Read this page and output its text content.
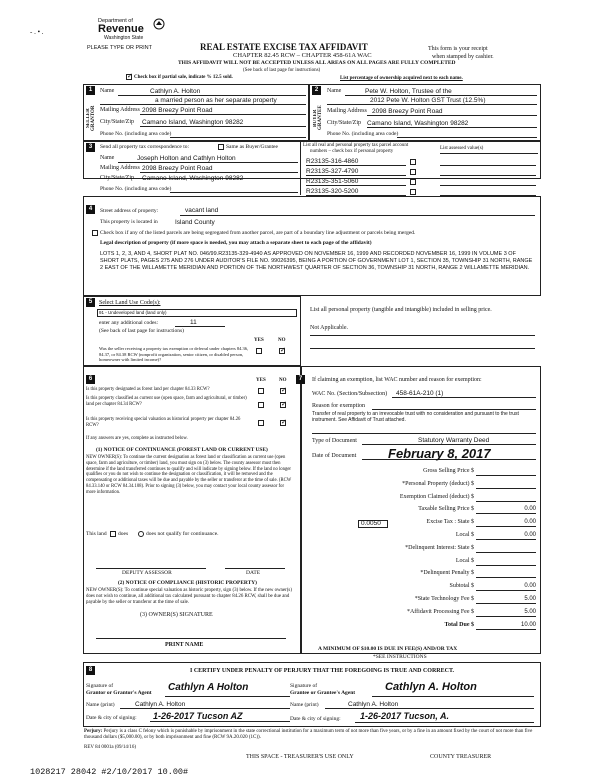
- . • .
Department of
Revenue
Washington State
PLEASE TYPE OR PRINT	REAL ESTATE EXCISE TAX AFFIDAVIT
CHAPTER 82.45 RCW – CHAPTER 458-61A WAC
THIS AFFIDAVIT WILL NOT BE ACCEPTED UNLESS ALL AREAS ON ALL PAGES ARE FULLY COMPLETED
(See back of last page for instructions)
This form is your receipt
when stamped by cashier.
✓
Check box if partial sale, indicate % 12.5 sold.	List percentage of ownership acquired next to each name.
1
SELLER GRANTOR
Name	Cathlyn A. Holton
a married person as her separate property
Mailing Address 2098 Breezy Point Road
City/State/Zip Camano Island, Washington 98282
Phone No. (including area code)
2
BUYER GRANTEE
Name	Pete W. Holton, Trustee of the
2012 Pete W. Holton GST Trust (12.5%)
Mailing Address 2098 Breezy Point Road
City/State/Zip Camano Island, Washington 98282
Phone No. (including area code)
3	Send all property tax correspondence to:	Same as Buyer/Grantee
Name	Joseph Holton and Cathlyn Holton
Mailing Address 2098 Breezy Point Road
City/State/Zip Camano Island, Washington 98282
Phone No. (including area code)
List all real and personal property tax parcel account
numbers – check box if personal property
List assessed value(s)
R23135-316-4860
R23135-327-4790
R23135-351-5060
R23135-320-5200
4	Street address of property:	vacant land
This property is located in	Island County
Check box if any of the listed parcels are being segregated from another parcel, are part of a boundary line adjustment or parcels being merged.
Legal description of property (if more space is needed, you may attach a separate sheet to each page of the affidavit)
LOTS 1, 2, 3, AND 4, SHORT PLAT NO. 046/99.R23135-329-4940 AS APPROVED ON NOVEMBER 16, 1999 AND RECORDED NOVEMBER 16, 1999 IN VOLUME 3 OF SHORT PLATS, PAGES 275 AND 276 UNDER AUDITOR'S FILE NO. 99026395, BEING A PORTION OF GOVERNMENT LOT 1, SECTION 35, TOWNSHIP 31 NORTH, RANGE 2 EAST OF THE WILLAMETTE MERIDIAN AND PORTION OF THE NORTHWEST QUARTER OF SECTION 36, TOWNSHIP 31 NORTH, RANGE 2 WILLAMETTE MERIDIAN.
5	Select Land Use Code(s):
91 - Undeveloped land (land only)
enter any additional codes:	11
(See back of last page for instructions)
YES	NO
Was the seller receiving a property tax exemption or deferral under chapters 84.36, 84.37, or 84.38 RCW (nonprofit organization, senior citizen, or disabled person, homeowner with limited income)?
✓
List all personal property (tangible and intangible) included in selling price.
Not Applicable.
6	YES	NO
Is this property designated as forest land per chapter 84.33 RCW?
✓
Is this property classified as current use (open space, farm and agricultural, or timber) land per chapter 84.34 RCW?
✓
Is this property receiving special valuation as historical property per chapter 84.26 RCW?
✓
If any answers are yes, complete as instructed below.
(1) NOTICE OF CONTINUANCE (FOREST LAND OR CURRENT USE)
NEW OWNER(S): To continue the current designation as forest land or classification as current use (open space, farm and agriculture, or timber) land, you must sign on (3) below. The county assessor must then determine if the land transferred continues to qualify and will indicate by signing below. If the land no longer qualifies or you do not wish to continue the designation or classification, it will be removed and the compensating or additional taxes will be due and payable by the seller or transferor at the time of sale. (RCW 84.33.140 or RCW 84.34.108). Prior to signing (3) below, you may contact your local county assessor for more information.
This land does	does not qualify for continuance.
DEPUTY ASSESSOR	DATE
(2) NOTICE OF COMPLIANCE (HISTORIC PROPERTY)
NEW OWNER(S): To continue special valuation as historic property, sign (3) below. If the new owner(s) does not wish to continue, all additional tax calculated pursuant to chapter 84.26 RCW, shall be due and payable by the seller or transferor at the time of sale.
(3) OWNER(S) SIGNATURE
PRINT NAME
7	If claiming an exemption, list WAC number and reason for exemption:
WAC No. (Section/Subsection) 458-61A-210 (1)
Reason for exemption
Transfer of real property to an irrevocable trust with no consideration and pursuant to the trust instrument. See Affidavit of Trust attached.
Type of Document	Statutory Warranty Deed
Date of Document February 8, 2017
Gross Selling Price $
*Personal Property (deduct) $
Exemption Claimed (deduct) $
Taxable Selling Price $	0.00
Excise Tax : State $	0.00
Local $	0.00
*Delinquent Interest: State $
Local $
*Delinquent Penalty $
Subtotal $	0.00
*State Technology Fee $	5.00
*Affidavit Processing Fee $	5.00
Total Due $	10.00
0.0050
A MINIMUM OF $10.00 IS DUE IN FEE(S) AND/OR TAX
*SEE INSTRUCTIONS
8	I CERTIFY UNDER PENALTY OF PERJURY THAT THE FOREGOING IS TRUE AND CORRECT.
Signature of
Grantor or Grantor's Agent Cathlyn A Holton
Name (print)	Cathlyn A. Holton
Date & city of signing: 1-26-2017 Tucson AZ
Signature of
Grantee or Grantee's Agent	Cathlyn A. Holton
Name (print)	Cathlyn A. Holton
Date & city of signing: 1-26-2017 Tucson, A.
Perjury: Perjury is a class C felony which is punishable by imprisonment in the state correctional institution for a maximum term of not more than five years, or by a fine in an amount fixed by the court of not more than five thousand dollars ($5,000.00), or by both imprisonment and fine (RCW 9A.20.020 (1C)).
REV 84 0001a (09/14/16)
THIS SPACE - TREASURER'S USE ONLY	COUNTY TREASURER
1028217 28042 #2/10/2017 10.00#
